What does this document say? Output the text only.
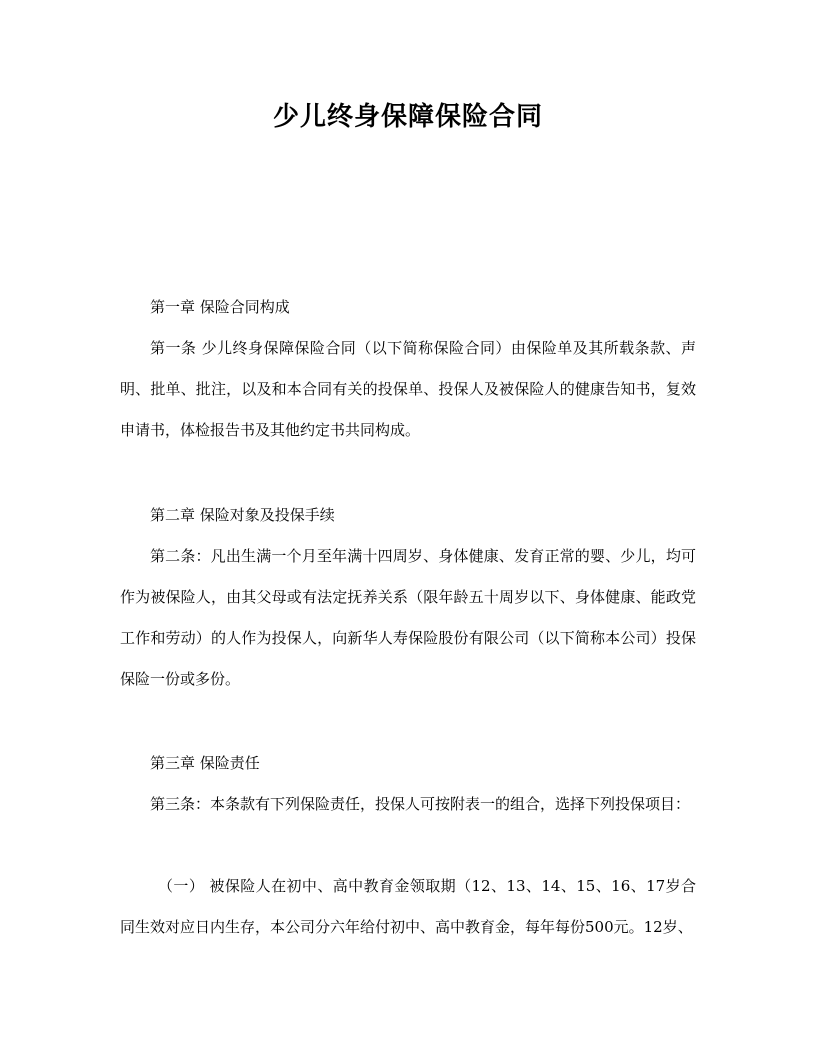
少儿终身保障保险合同

第一章 保险合同构成

第一条 少儿终身保障保险合同（以下简称保险合同）由保险单及其所载条款、声明、批单、批注，以及和本合同有关的投保单、投保人及被保险人的健康告知书，复效申请书，体检报告书及其他约定书共同构成。

第二章 保险对象及投保手续

第二条：凡出生满一个月至年满十四周岁、身体健康、发育正常的婴、少儿，均可作为被保险人，由其父母或有法定抚养关系（限年龄五十周岁以下、身体健康、能政党工作和劳动）的人作为投保人，向新华人寿保险股份有限公司（以下简称本公司）投保保险一份或多份。

第三章 保险责任

第三条：本条款有下列保险责任，投保人可按附表一的组合，选择下列投保项目：

（一） 被保险人在初中、高中教育金领取期（12、13、14、15、16、17岁合同生效对应日内生存，本公司分六年给付初中、高中教育金，每年每份500元。12岁、
